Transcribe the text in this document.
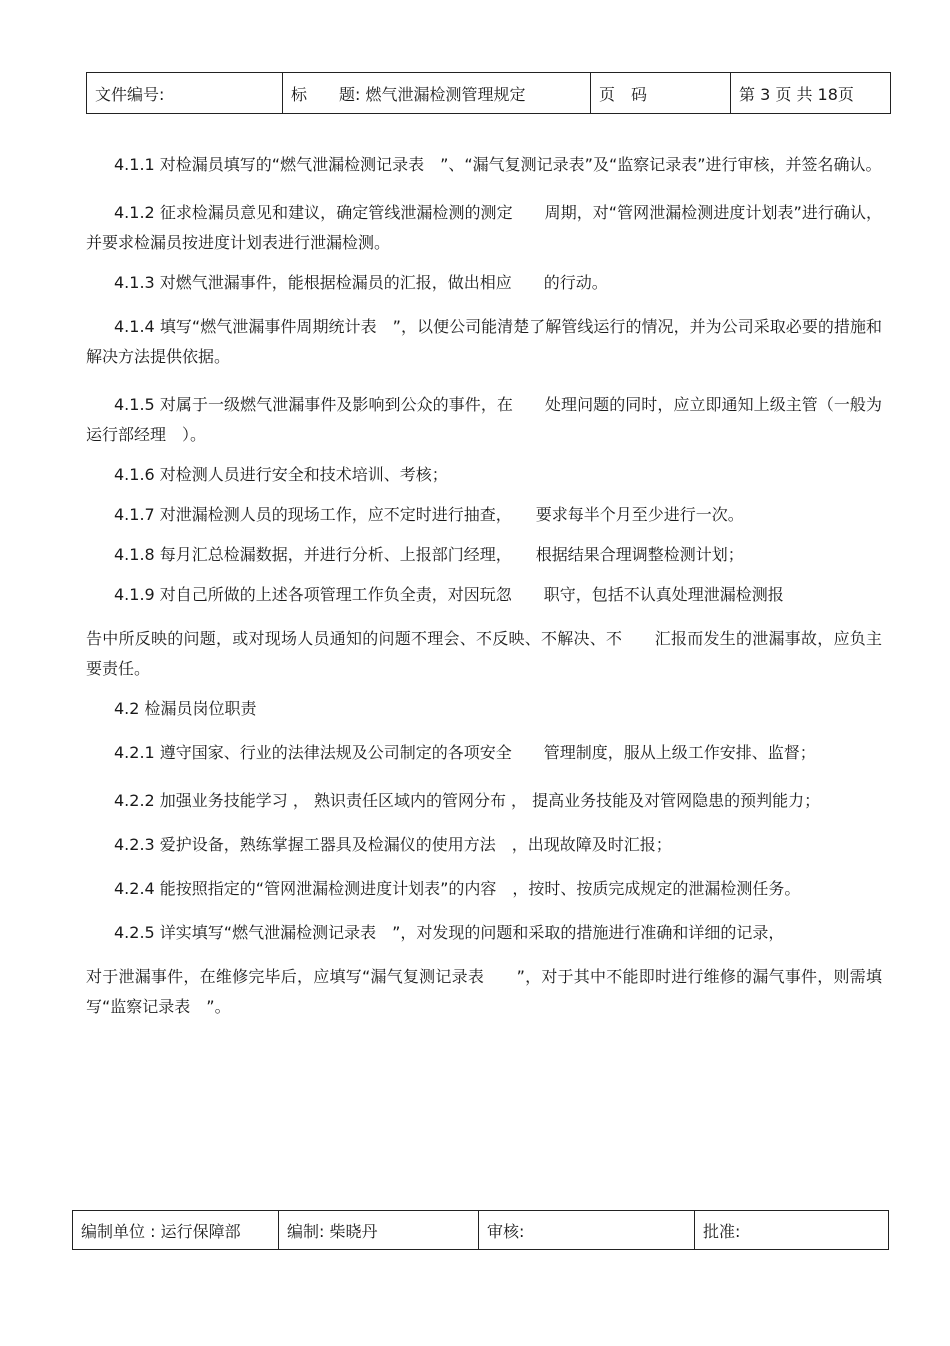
文件编号:	标　　题: 燃气泄漏检测管理规定	页　码	第 3 页 共 18页

4.1.1 对检漏员填写的“燃气泄漏检测记录表　”、“漏气复测记录表”及“监察记录表”进行审核，并签名确认。

4.1.2 征求检漏员意见和建议，确定管线泄漏检测的测定　　周期，对“管网泄漏检测进度计划表”进行确认，并要求检漏员按进度计划表进行泄漏检测。

4.1.3 对燃气泄漏事件，能根据检漏员的汇报，做出相应　　的行动。

4.1.4 填写“燃气泄漏事件周期统计表　”，以便公司能清楚了解管线运行的情况，并为公司采取必要的措施和解决方法提供依据。

4.1.5 对属于一级燃气泄漏事件及影响到公众的事件，在　　处理问题的同时，应立即通知上级主管（一般为运行部经理　）。

4.1.6 对检测人员进行安全和技术培训、考核；

4.1.7 对泄漏检测人员的现场工作，应不定时进行抽查，　　要求每半个月至少进行一次。

4.1.8 每月汇总检漏数据，并进行分析、上报部门经理，　　根据结果合理调整检测计划；

4.1.9 对自己所做的上述各项管理工作负全责，对因玩忽　　职守，包括不认真处理泄漏检测报

告中所反映的问题，或对现场人员通知的问题不理会、不反映、不解决、不　　汇报而发生的泄漏事故，应负主要责任。

4.2 检漏员岗位职责

4.2.1 遵守国家、行业的法律法规及公司制定的各项安全　　管理制度，服从上级工作安排、监督；

4.2.2 加强业务技能学习 ， 熟识责任区域内的管网分布 ， 提高业务技能及对管网隐患的预判能力；

4.2.3 爱护设备，熟练掌握工器具及检漏仪的使用方法　，出现故障及时汇报；

4.2.4 能按照指定的“管网泄漏检测进度计划表”的内容　，按时、按质完成规定的泄漏检测任务。

4.2.5 详实填写“燃气泄漏检测记录表　”，对发现的问题和采取的措施进行准确和详细的记录，

对于泄漏事件，在维修完毕后，应填写“漏气复测记录表　　”，对于其中不能即时进行维修的漏气事件，则需填写“监察记录表　”。

编制单位 : 运行保障部	编制: 柴晓丹	审核:	批准:
